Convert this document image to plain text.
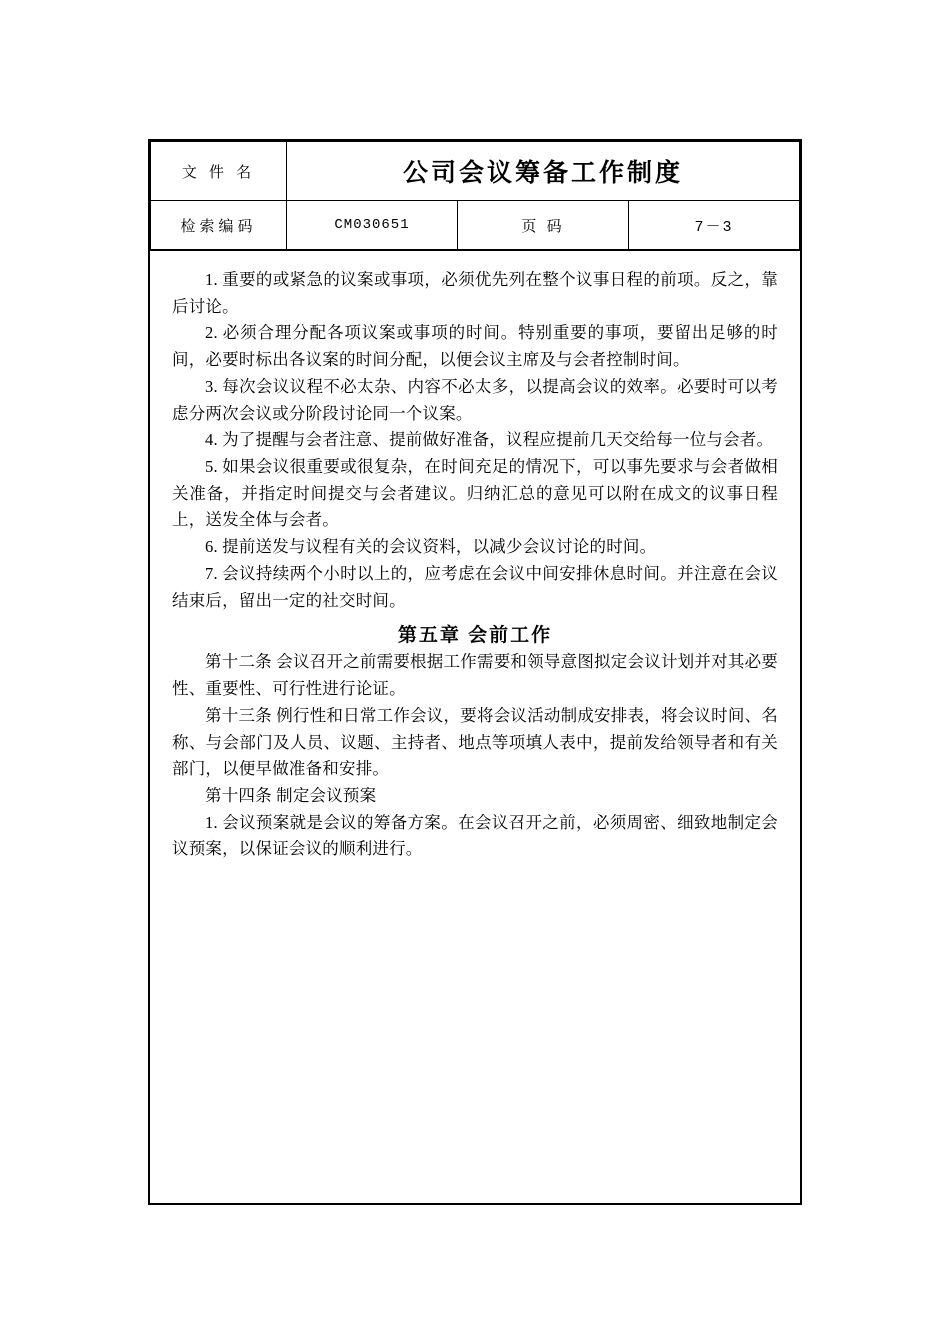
文 件 名	公司会议筹备工作制度		
检索编码	CM030651	页 码	7－3

1. 重要的或紧急的议案或事项，必须优先列在整个议事日程的前项。反之，靠后讨论。

2. 必须合理分配各项议案或事项的时间。特别重要的事项，要留出足够的时间，必要时标出各议案的时间分配，以便会议主席及与会者控制时间。

3. 每次会议议程不必太杂、内容不必太多，以提高会议的效率。必要时可以考虑分两次会议或分阶段讨论同一个议案。

4. 为了提醒与会者注意、提前做好准备，议程应提前几天交给每一位与会者。

5. 如果会议很重要或很复杂，在时间充足的情况下，可以事先要求与会者做相关准备，并指定时间提交与会者建议。归纳汇总的意见可以附在成文的议事日程上，送发全体与会者。

6. 提前送发与议程有关的会议资料，以减少会议讨论的时间。

7. 会议持续两个小时以上的，应考虑在会议中间安排休息时间。并注意在会议结束后，留出一定的社交时间。

第五章 会前工作

第十二条 会议召开之前需要根据工作需要和领导意图拟定会议计划并对其必要性、重要性、可行性进行论证。

第十三条 例行性和日常工作会议，要将会议活动制成安排表，将会议时间、名称、与会部门及人员、议题、主持者、地点等项填人表中，提前发给领导者和有关部门，以便早做准备和安排。

第十四条 制定会议预案

1. 会议预案就是会议的筹备方案。在会议召开之前，必须周密、细致地制定会议预案，以保证会议的顺利进行。
